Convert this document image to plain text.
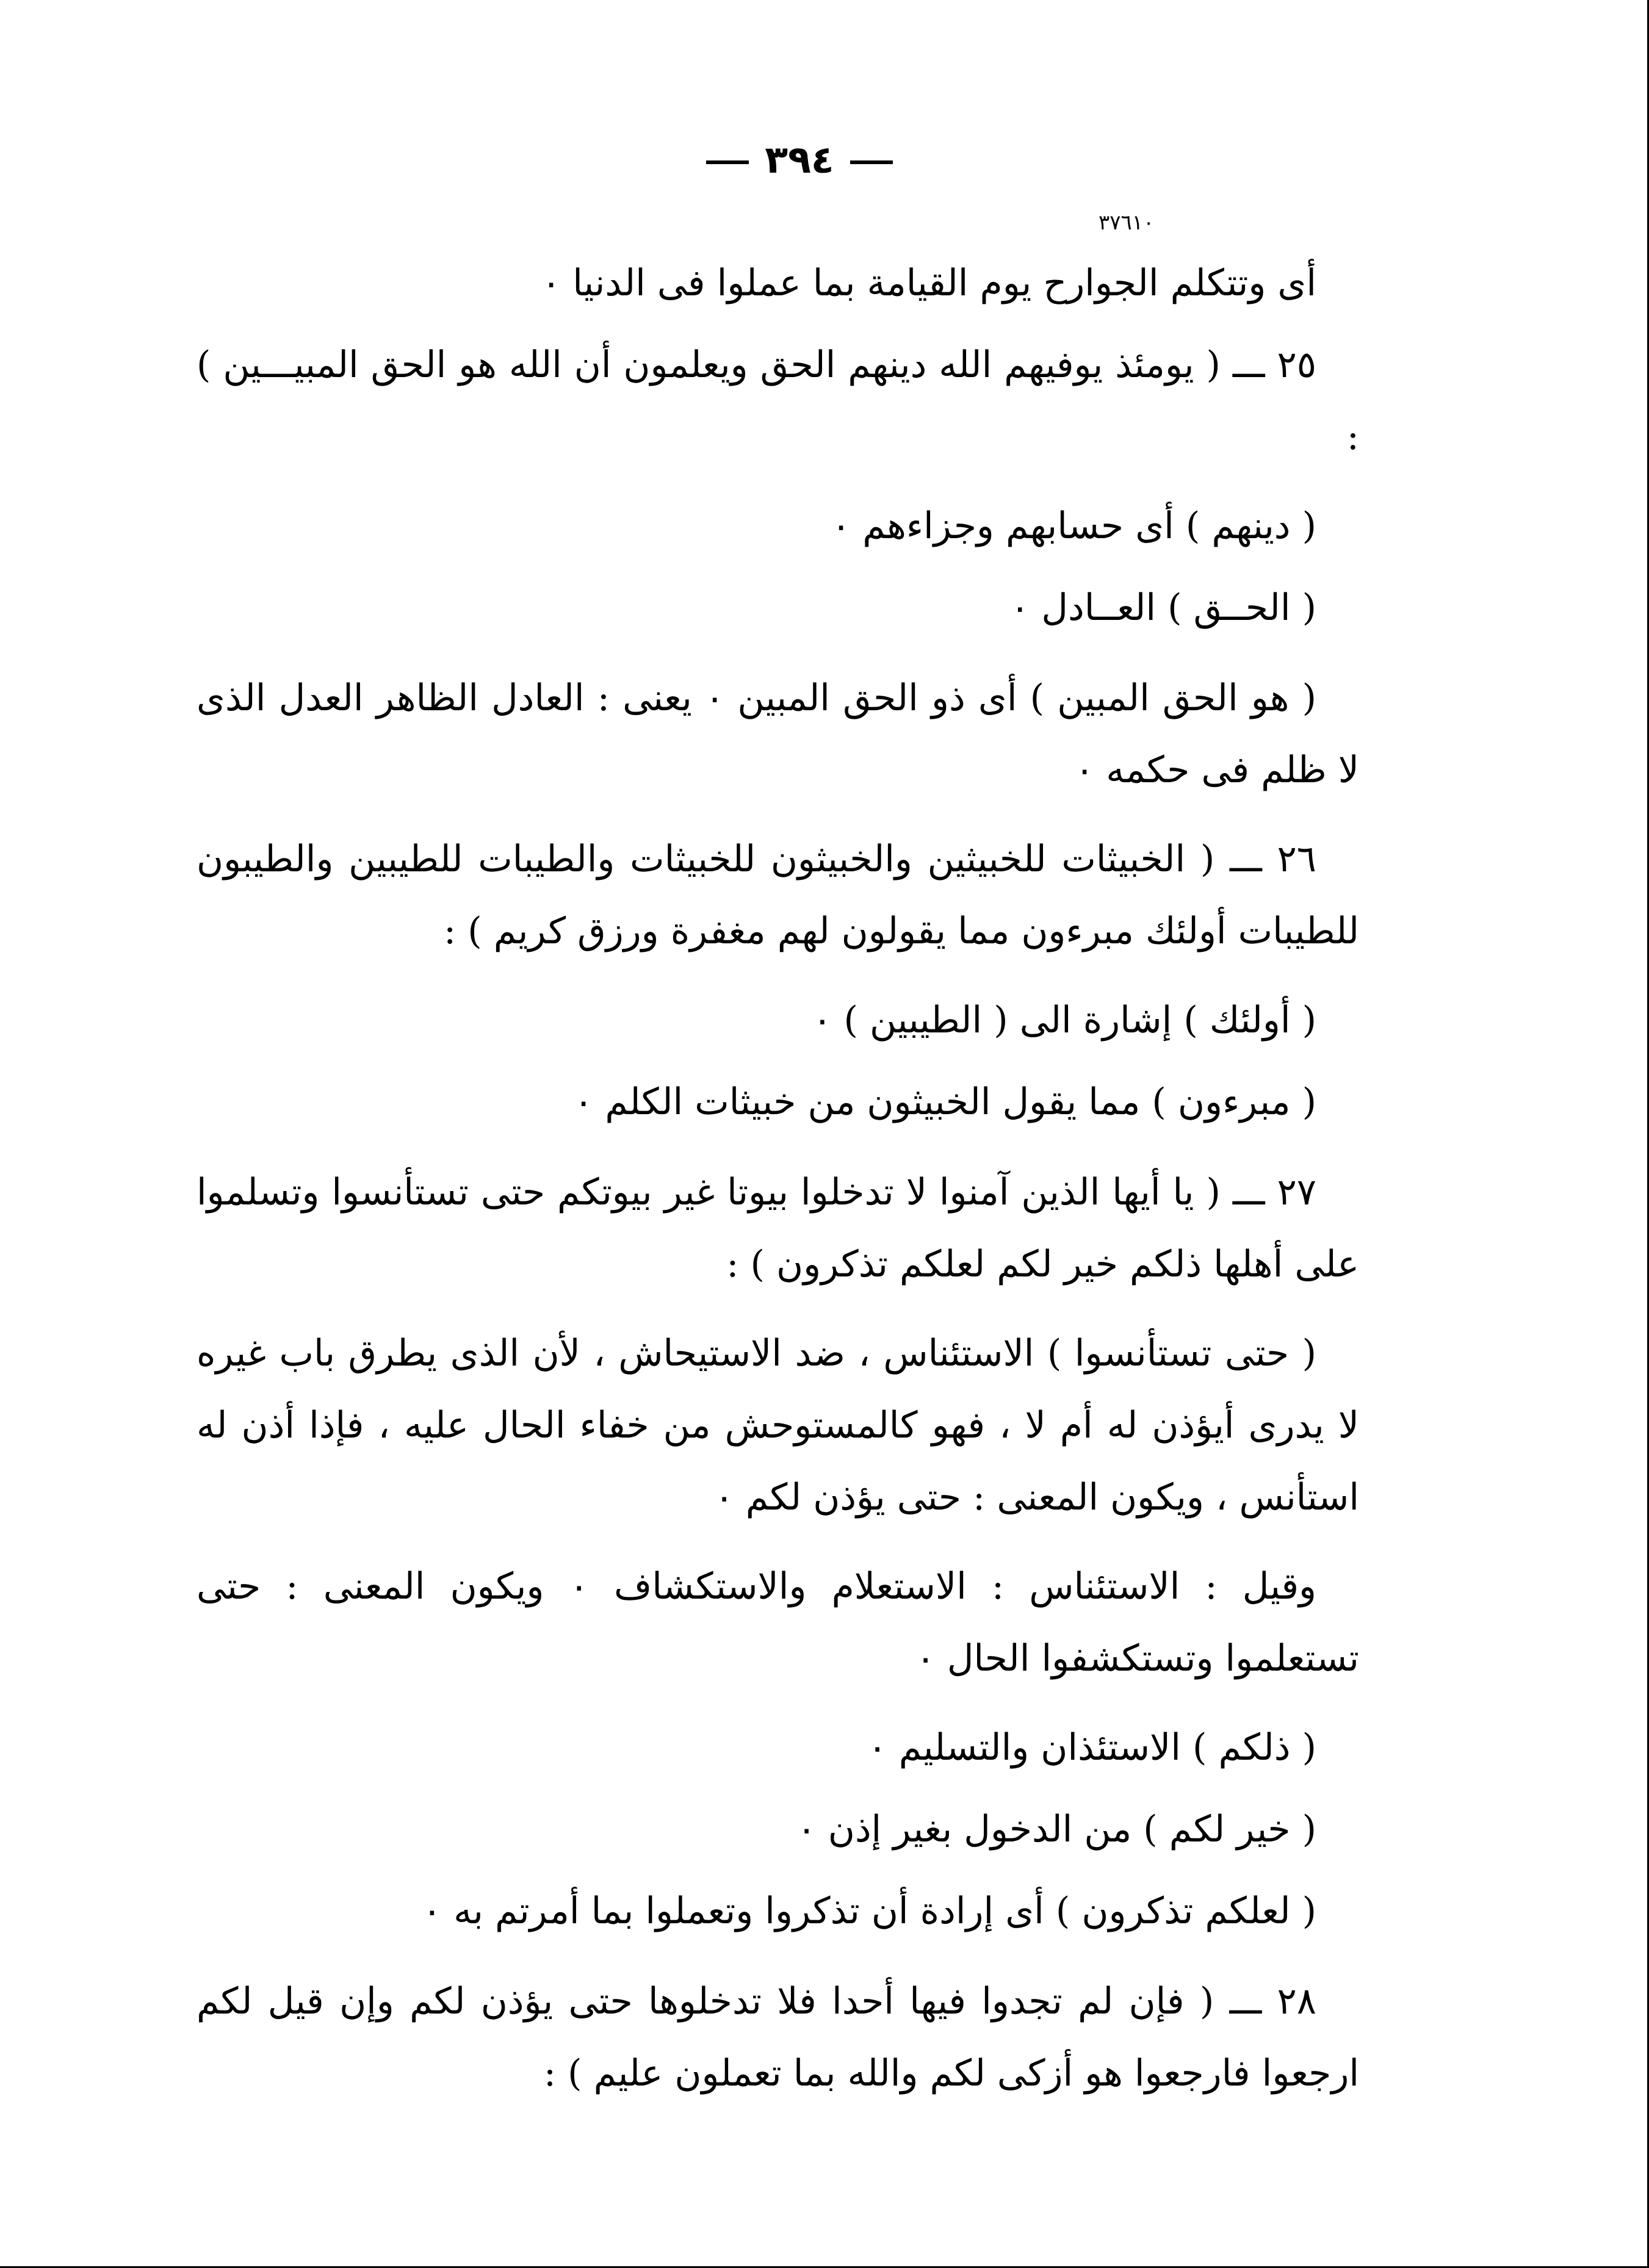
٣٩٤
٣٧٦١٠

أى وتتكلم الجوارح يوم القيامة بما عملوا فى الدنيا ٠

٢٥ ـــ ( يومئذ يوفيهم الله دينهم الحق ويعلمون أن الله هو الحق المبيـــين ) :

( دينهم ) أى حسابهم وجزاءهم ٠

( الحــق ) العــادل ٠

( هو الحق المبين ) أى ذو الحق المبين ٠ يعنى : العادل الظاهر العدل الذى لا ظلم فى حكمه ٠

٢٦ ـــ ( الخبيثات للخبيثين والخبيثون للخبيثات والطيبات للطيبين والطيبون للطيبات أولئك مبرءون مما يقولون لهم مغفرة ورزق كريم ) :

( أولئك ) إشارة الى ( الطيبين ) ٠

( مبرءون ) مما يقول الخبيثون من خبيثات الكلم ٠

٢٧ ـــ ( يا أيها الذين آمنوا لا تدخلوا بيوتا غير بيوتكم حتى تستأنسوا وتسلموا على أهلها ذلكم خير لكم لعلكم تذكرون ) :

( حتى تستأنسوا ) الاستئناس ، ضد الاستيحاش ، لأن الذى يطرق باب غيره لا يدرى أيؤذن له أم لا ، فهو كالمستوحش من خفاء الحال عليه ، فإذا أذن له استأنس ، ويكون المعنى : حتى يؤذن لكم ٠

وقيل : الاستئناس : الاستعلام والاستكشاف ٠ ويكون المعنى : حتى تستعلموا وتستكشفوا الحال ٠

( ذلكم ) الاستئذان والتسليم ٠

( خير لكم ) من الدخول بغير إذن ٠

( لعلكم تذكرون ) أى إرادة أن تذكروا وتعملوا بما أمرتم به ٠

٢٨ ـــ ( فإن لم تجدوا فيها أحدا فلا تدخلوها حتى يؤذن لكم وإن قيل لكم ارجعوا فارجعوا هو أزكى لكم والله بما تعملون عليم ) :
